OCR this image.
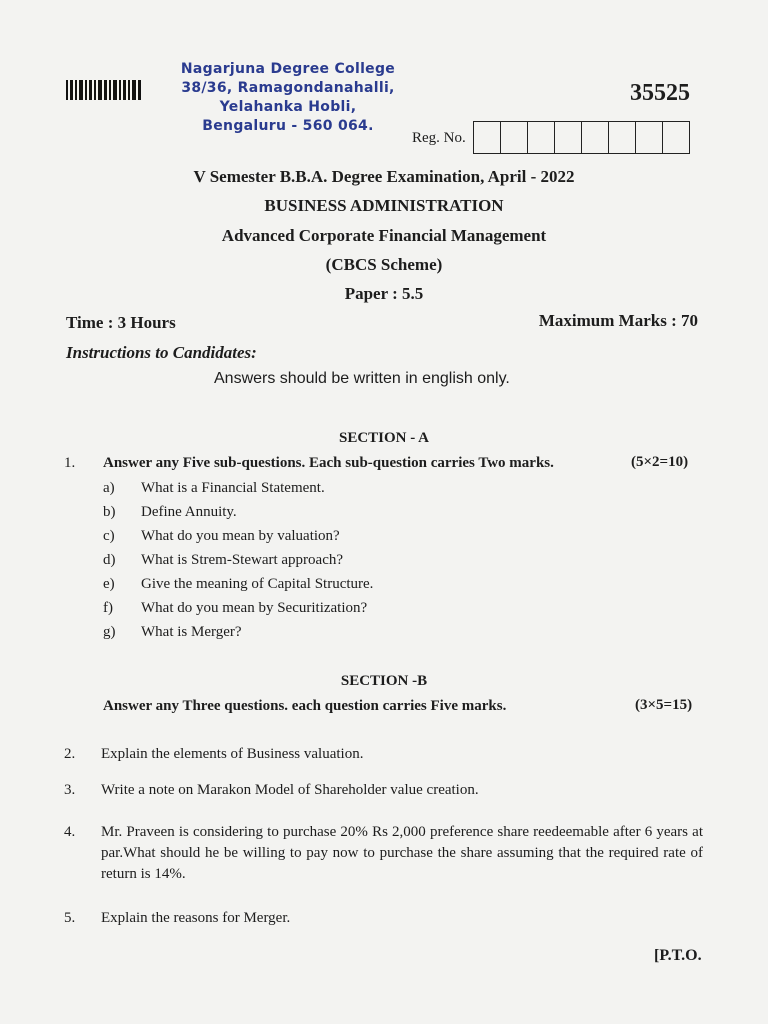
Nagarjuna Degree College
38/36, Ramagondanahalli,
Yelahanka Hobli,
Bengaluru - 560 064.
35525
Reg. No.
V Semester B.B.A. Degree Examination, April - 2022
BUSINESS ADMINISTRATION
Advanced Corporate Financial Management
(CBCS Scheme)
Paper : 5.5
Time : 3 Hours	Maximum Marks : 70
Instructions to Candidates:
Answers should be written in english only.
SECTION - A
1. Answer any Five sub-questions. Each sub-question carries Two marks.	(5×2=10)
a) What is a Financial Statement.
b) Define Annuity.
c) What do you mean by valuation?
d) What is Strem-Stewart approach?
e) Give the meaning of Capital Structure.
f) What do you mean by Securitization?
g) What is Merger?
SECTION -B
Answer any Three questions. each question carries Five marks.	(3×5=15)
2. Explain the elements of Business valuation.
3. Write a note on Marakon Model of Shareholder value creation.
4. Mr. Praveen is considering to purchase 20% Rs 2,000 preference share reedeemable after 6 years at par.What should he be willing to pay now to purchase the share assuming that the required rate of return is 14%.
5. Explain the reasons for Merger.
[P.T.O.
